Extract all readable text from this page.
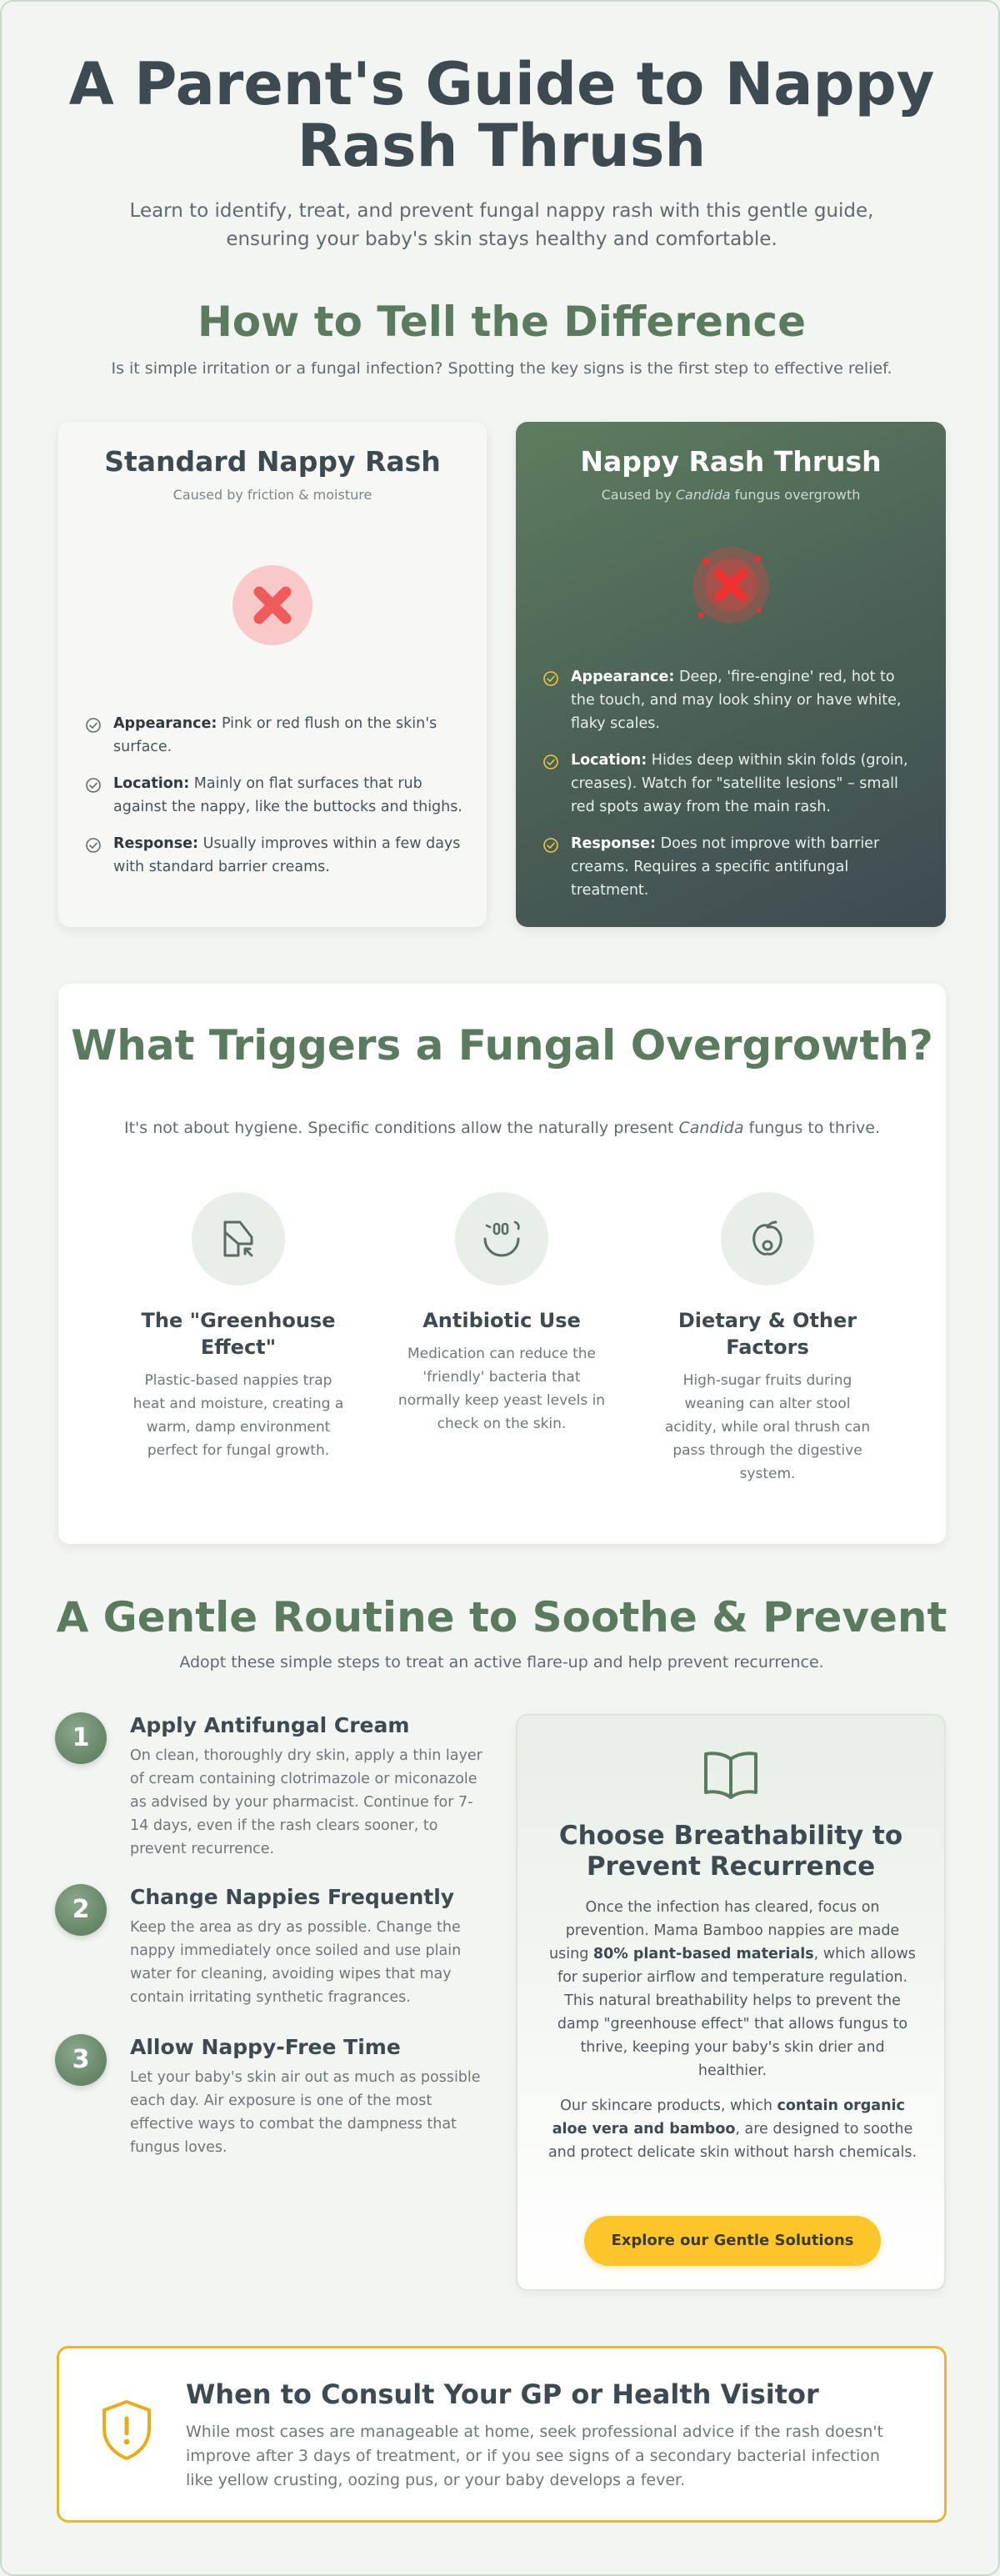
A Parent's Guide to Nappy Rash Thrush

Learn to identify, treat, and prevent fungal nappy rash with this gentle guide, ensuring your baby's skin stays healthy and comfortable.

How to Tell the Difference

Is it simple irritation or a fungal infection? Spotting the key signs is the first step to effective relief.

Standard Nappy Rash
Caused by friction & moisture
Appearance: Pink or red flush on the skin's surface.
Location: Mainly on flat surfaces that rub against the nappy, like the buttocks and thighs.
Response: Usually improves within a few days with standard barrier creams.
Nappy Rash Thrush
Caused by Candida fungus overgrowth
Appearance: Deep, 'fire-engine' red, hot to the touch, and may look shiny or have white, flaky scales.
Location: Hides deep within skin folds (groin, creases). Watch for "satellite lesions" – small red spots away from the main rash.
Response: Does not improve with barrier creams. Requires a specific antifungal treatment.
What Triggers a Fungal Overgrowth?

It's not about hygiene. Specific conditions allow the naturally present Candida fungus to thrive.

The "Greenhouse Effect"

Plastic-based nappies trap heat and moisture, creating a warm, damp environment perfect for fungal growth.

Antibiotic Use

Medication can reduce the 'friendly' bacteria that normally keep yeast levels in check on the skin.

Dietary & Other Factors

High-sugar fruits during weaning can alter stool acidity, while oral thrush can pass through the digestive system.

A Gentle Routine to Soothe & Prevent

Adopt these simple steps to treat an active flare-up and help prevent recurrence.

1	Apply Antifungal Cream

On clean, thoroughly dry skin, apply a thin layer of cream containing clotrimazole or miconazole as advised by your pharmacist. Continue for 7-14 days, even if the rash clears sooner, to prevent recurrence.

2	Change Nappies Frequently

Keep the area as dry as possible. Change the nappy immediately once soiled and use plain water for cleaning, avoiding wipes that may contain irritating synthetic fragrances.

3	Allow Nappy-Free Time

Let your baby's skin air out as much as possible each day. Air exposure is one of the most effective ways to combat the dampness that fungus loves.

Choose Breathability to Prevent Recurrence

Once the infection has cleared, focus on prevention. Mama Bamboo nappies are made using 80% plant-based materials, which allows for superior airflow and temperature regulation. This natural breathability helps to prevent the damp "greenhouse effect" that allows fungus to thrive, keeping your baby's skin drier and healthier.

Our skincare products, which contain organic aloe vera and bamboo, are designed to soothe and protect delicate skin without harsh chemicals.

Explore our Gentle Solutions
When to Consult Your GP or Health Visitor

While most cases are manageable at home, seek professional advice if the rash doesn't improve after 3 days of treatment, or if you see signs of a secondary bacterial infection like yellow crusting, oozing pus, or your baby develops a fever.
